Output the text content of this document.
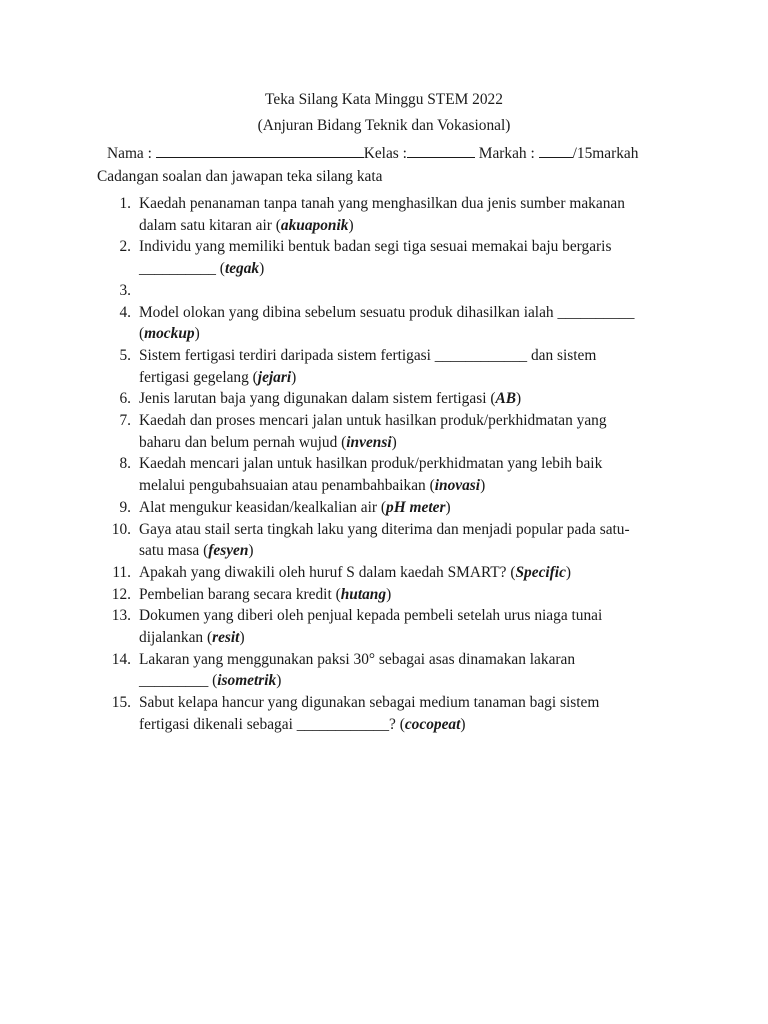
Teka Silang Kata Minggu STEM 2022
(Anjuran Bidang Teknik dan Vokasional)
Nama :	Kelas :	Markah : /15markah
Cadangan soalan dan jawapan teka silang kata
1. Kaedah penanaman tanpa tanah yang menghasilkan dua jenis sumber makanan
dalam satu kitaran air (akuaponik)
2. Individu yang memiliki bentuk badan segi tiga sesuai memakai baju bergaris
__________ (tegak)
3.

4. Model olokan yang dibina sebelum sesuatu produk dihasilkan ialah __________
(mockup)
5. Sistem fertigasi terdiri daripada sistem fertigasi ____________ dan sistem
fertigasi gegelang (jejari)
6. Jenis larutan baja yang digunakan dalam sistem fertigasi (AB)
7. Kaedah dan proses mencari jalan untuk hasilkan produk/perkhidmatan yang
baharu dan belum pernah wujud (invensi)
8. Kaedah mencari jalan untuk hasilkan produk/perkhidmatan yang lebih baik
melalui pengubahsuaian atau penambahbaikan (inovasi)
9. Alat mengukur keasidan/kealkalian air (pH meter)
10. Gaya atau stail serta tingkah laku yang diterima dan menjadi popular pada satu-
satu masa (fesyen)
11. Apakah yang diwakili oleh huruf S dalam kaedah SMART? (Specific)
12. Pembelian barang secara kredit (hutang)
13. Dokumen yang diberi oleh penjual kepada pembeli setelah urus niaga tunai
dijalankan (resit)
14. Lakaran yang menggunakan paksi 30° sebagai asas dinamakan lakaran
_________ (isometrik)
15. Sabut kelapa hancur yang digunakan sebagai medium tanaman bagi sistem
fertigasi dikenali sebagai ____________? (cocopeat)
